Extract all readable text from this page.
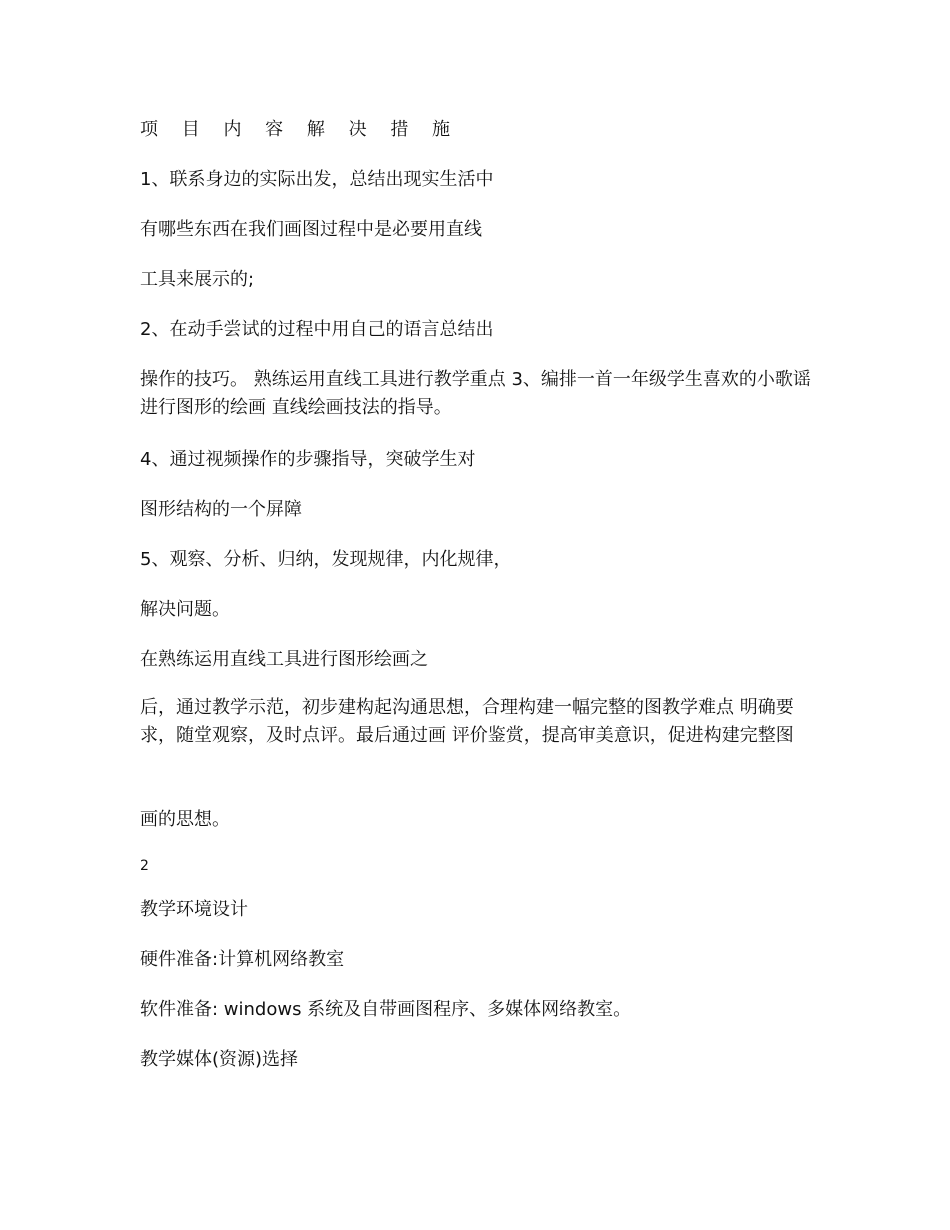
项 目 内 容 解 决 措 施
1、联系身边的实际出发，总结出现实生活中
有哪些东西在我们画图过程中是必要用直线
工具来展示的;
2、在动手尝试的过程中用自己的语言总结出
操作的技巧。 熟练运用直线工具进行教学重点 3、编排一首一年级学生喜欢的小歌谣进行图形的绘画 直线绘画技法的指导。
4、通过视频操作的步骤指导，突破学生对
图形结构的一个屏障
5、观察、分析、归纳，发现规律，内化规律，
解决问题。
在熟练运用直线工具进行图形绘画之
后，通过教学示范，初步建构起沟通思想，合理构建一幅完整的图教学难点 明确要求，随堂观察，及时点评。最后通过画 评价鉴赏，提高审美意识，促进构建完整图
画的思想。
2
教学环境设计
硬件准备:计算机网络教室
软件准备: windows 系统及自带画图程序、多媒体网络教室。
教学媒体(资源)选择
